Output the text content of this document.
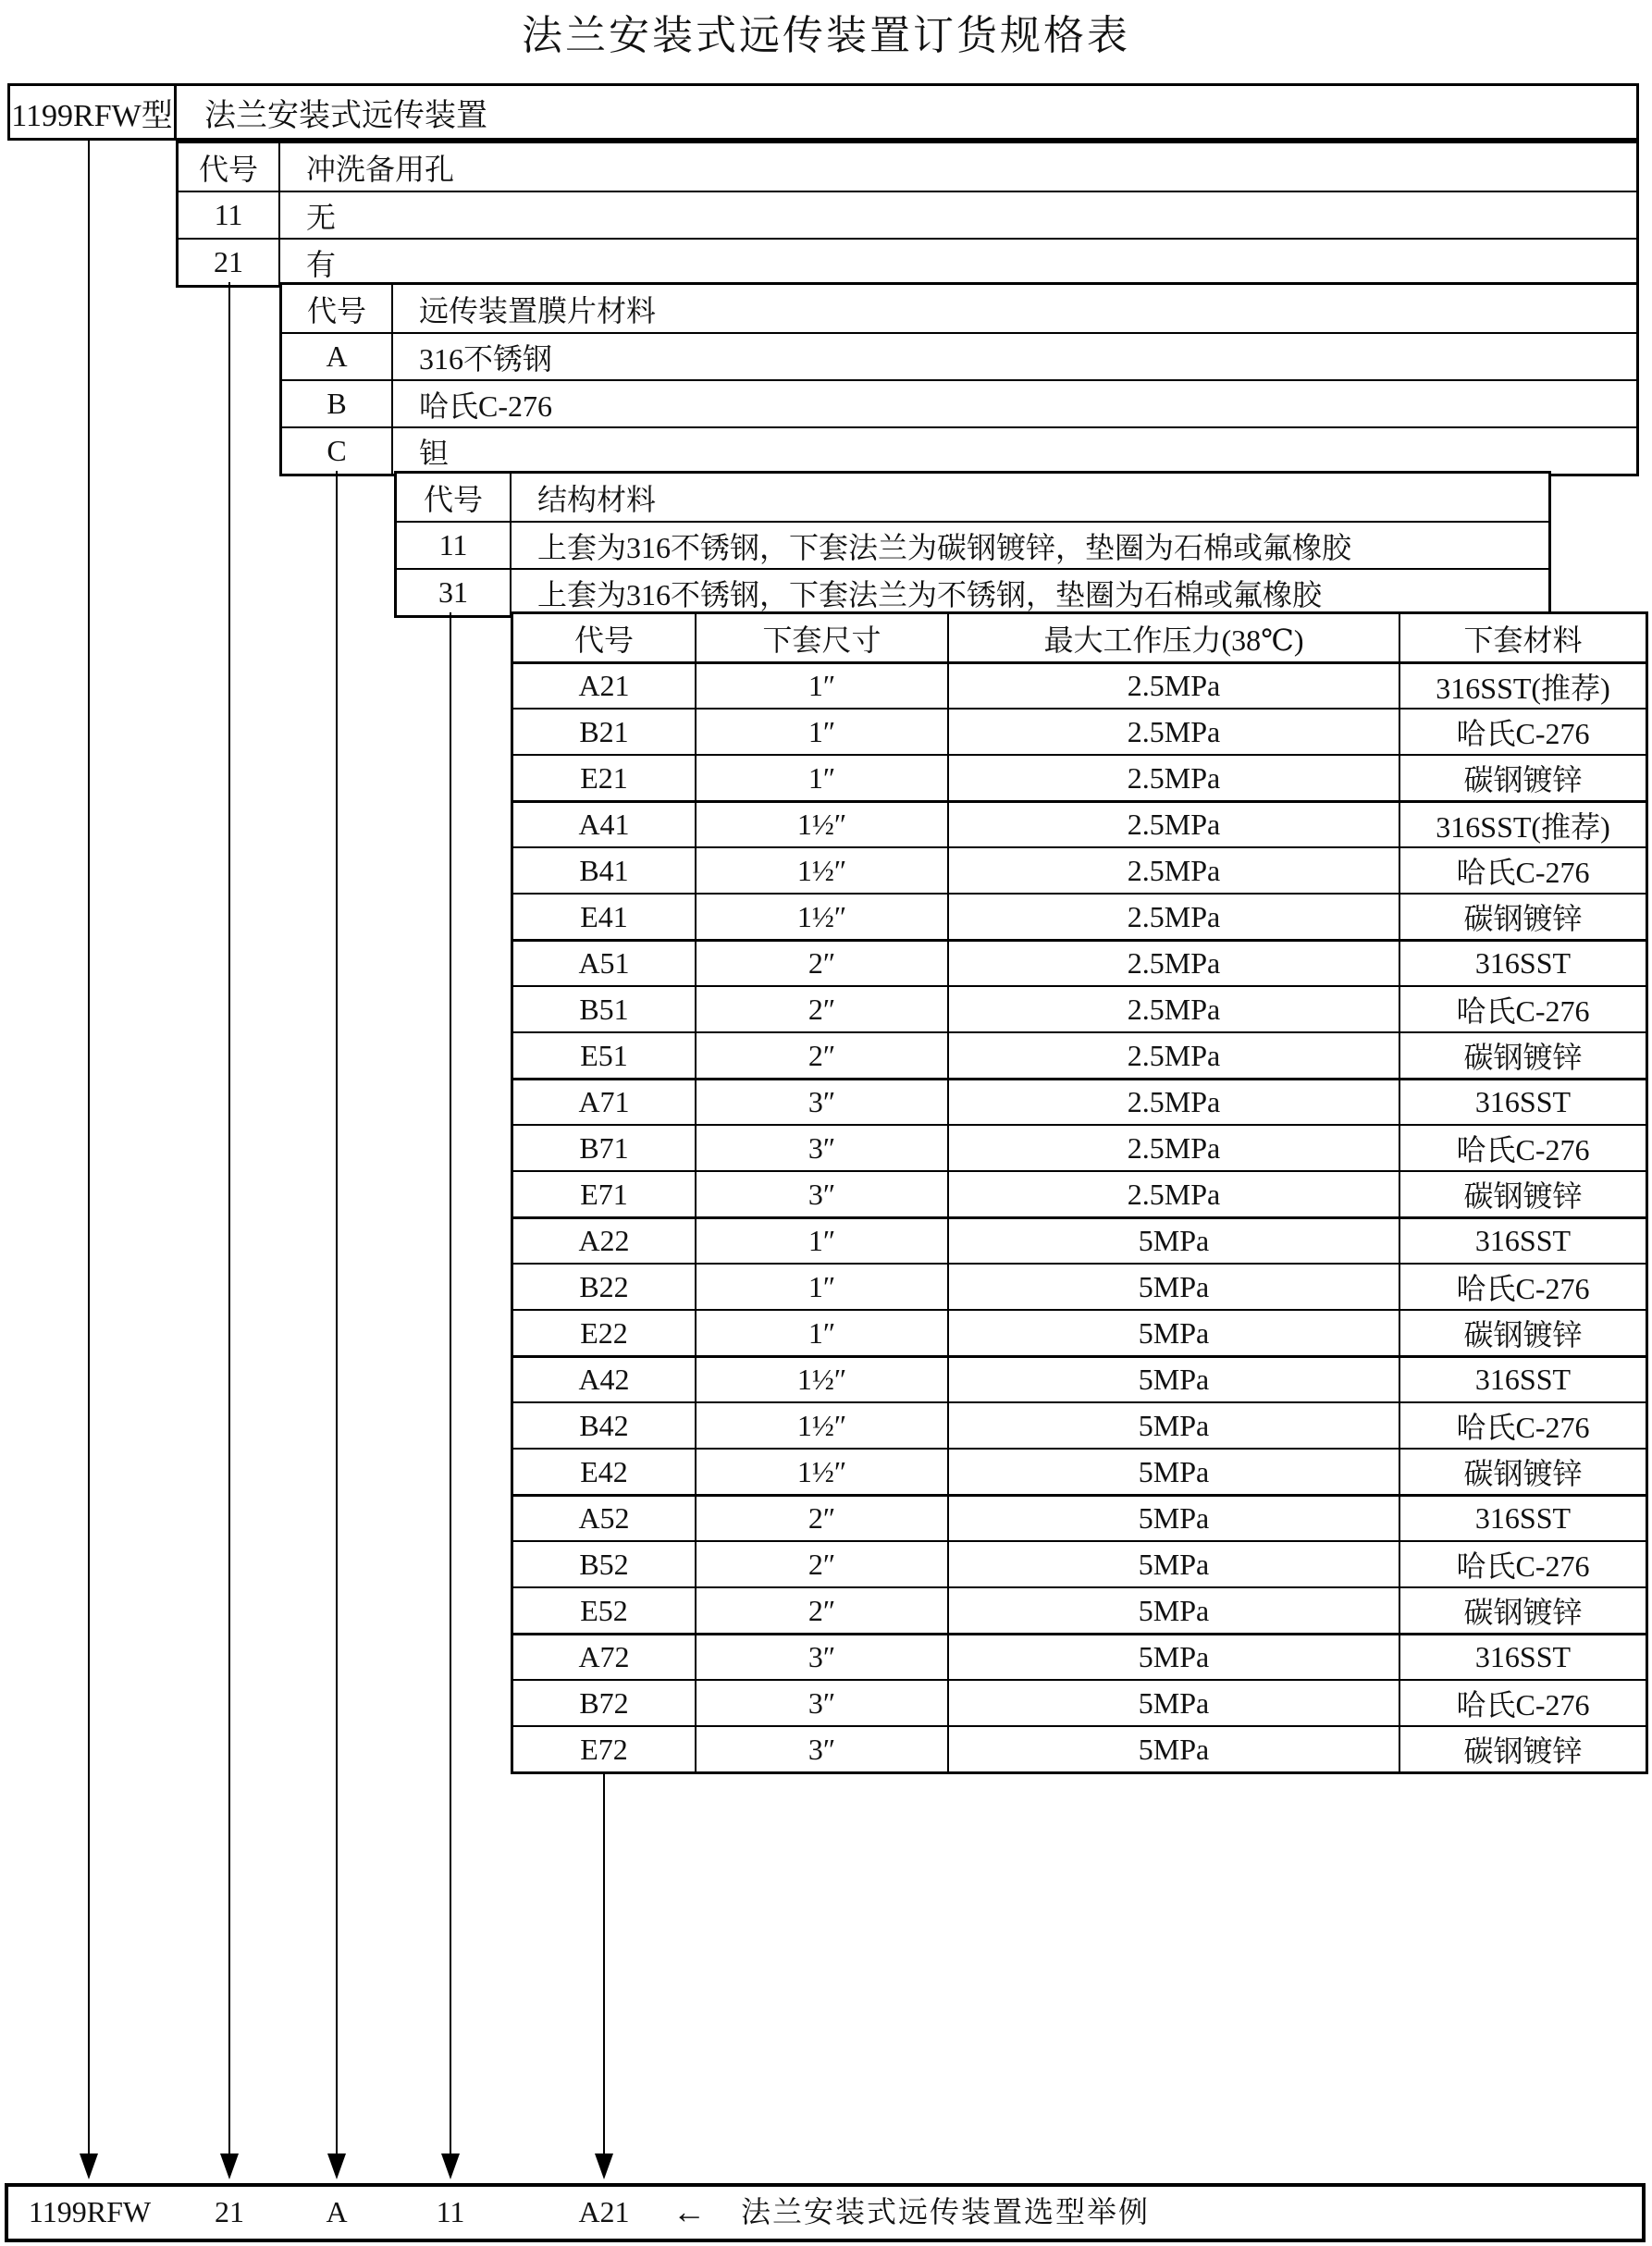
法兰安装式远传装置订货规格表
1199RFW型	法兰安装式远传装置
代号	冲洗备用孔
11	无
21	有
代号	远传装置膜片材料
A	316不锈钢
B	哈氏C-276
C	钽
代号	结构材料
11	上套为316不锈钢，下套法兰为碳钢镀锌，垫圈为石棉或氟橡胶
31	上套为316不锈钢，下套法兰为不锈钢，垫圈为石棉或氟橡胶
代号	下套尺寸	最大工作压力(38℃)	下套材料
A21	1″	2.5MPa	316SST(推荐)
B21	1″	2.5MPa	哈氏C-276
E21	1″	2.5MPa	碳钢镀锌
A41	1½″	2.5MPa	316SST(推荐)
B41	1½″	2.5MPa	哈氏C-276
E41	1½″	2.5MPa	碳钢镀锌
A51	2″	2.5MPa	316SST
B51	2″	2.5MPa	哈氏C-276
E51	2″	2.5MPa	碳钢镀锌
A71	3″	2.5MPa	316SST
B71	3″	2.5MPa	哈氏C-276
E71	3″	2.5MPa	碳钢镀锌
A22	1″	5MPa	316SST
B22	1″	5MPa	哈氏C-276
E22	1″	5MPa	碳钢镀锌
A42	1½″	5MPa	316SST
B42	1½″	5MPa	哈氏C-276
E42	1½″	5MPa	碳钢镀锌
A52	2″	5MPa	316SST
B52	2″	5MPa	哈氏C-276
E52	2″	5MPa	碳钢镀锌
A72	3″	5MPa	316SST
B72	3″	5MPa	哈氏C-276
E72	3″	5MPa	碳钢镀锌
1199RFW 21	A	11	A21 ← 法兰安装式远传装置选型举例
